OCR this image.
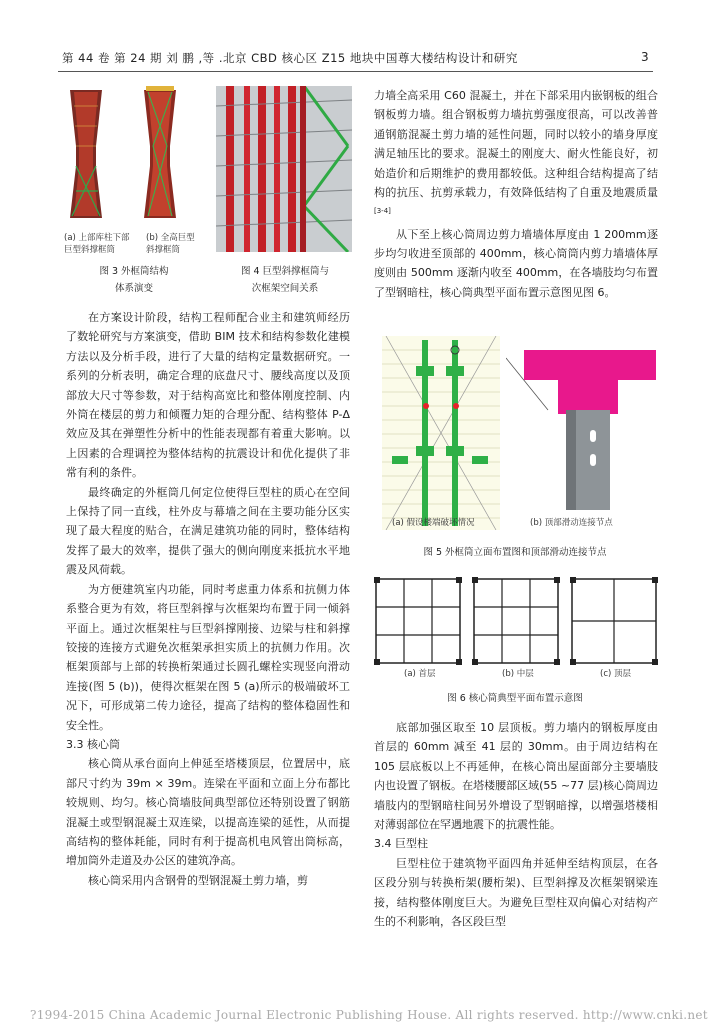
第 44 卷 第 24 期 刘 鹏 ,等 .北京 CBD 核心区 Z15 地块中国尊大楼结构设计和研究	3
(a) 上部库柱下部
巨型斜撑框筒
(b) 全高巨型
斜撑框筒
图 3 外框筒结构
体系演变
图 4 巨型斜撑框筒与
次框架空间关系

在方案设计阶段，结构工程师配合业主和建筑师经历了数轮研究与方案演变，借助 BIM 技术和结构参数化建模方法以及分析手段，进行了大量的结构定量数据研究。一系列的分析表明，确定合理的底盘尺寸、腰线高度以及顶部放大尺寸等参数，对于结构高宽比和整体刚度控制、内外筒在楼层的剪力和倾覆力矩的合理分配、结构整体 P-Δ 效应及其在弹塑性分析中的性能表现都有着重大影响。以上因素的合理调控为整体结构的抗震设计和优化提供了非常有利的条件。

最终确定的外框筒几何定位使得巨型柱的质心在空间上保持了同一直线，柱外皮与幕墙之间在主要功能分区实现了最大程度的贴合，在满足建筑功能的同时，整体结构发挥了最大的效率，提供了强大的侧向刚度来抵抗水平地震及风荷载。

为方便建筑室内功能，同时考虑重力体系和抗侧力体系整合更为有效，将巨型斜撑与次框架均布置于同一倾斜平面上。通过次框架柱与巨型斜撑刚接、边梁与柱和斜撑铰接的连接方式避免次框架承担实质上的抗侧力作用。次框架顶部与上部的转换桁架通过长圆孔螺栓实现竖向滑动连接(图 5 (b))，使得次框架在图 5 (a)所示的极端破坏工况下，可形成第二传力途径，提高了结构的整体稳固性和安全性。

3.3 核心筒

核心筒从承台面向上伸延至塔楼顶层，位置居中，底部尺寸约为 39m × 39m。连梁在平面和立面上分布都比较规则、均匀。核心筒墙肢间典型部位还特别设置了钢筋混凝土或型钢混凝土双连梁，以提高连梁的延性，从而提高结构的整体耗能，同时有利于提高机电风管出筒标高，增加筒外走道及办公区的建筑净高。

核心筒采用内含钢骨的型钢混凝土剪力墙，剪

力墙全高采用 C60 混凝土，并在下部采用内嵌钢板的组合钢板剪力墙。组合钢板剪力墙抗剪强度很高，可以改善普通钢筋混凝土剪力墙的延性问题，同时以较小的墙身厚度满足轴压比的要求。混凝土的刚度大、耐火性能良好，初始造价和后期维护的费用都较低。这种组合结构提高了结构的抗压、抗剪承载力，有效降低结构了自重及地震质量[3-4]

从下至上核心筒周边剪力墙墙体厚度由 1 200mm逐步均匀收进至顶部的 400mm，核心筒筒内剪力墙墙体厚度则由 500mm 逐渐内收至 400mm，在各墙肢均匀布置了型钢暗柱，核心筒典型平面布置示意图见图 6。

(a) 假设楼端破坏情况	(b) 顶部滑动连接节点
图 5 外框筒立面布置图和顶部滑动连接节点
(a) 首层	(b) 中层	(c) 顶层
图 6 核心筒典型平面布置示意图

底部加强区取至 10 层顶板。剪力墙内的钢板厚度由首层的 60mm 减至 41 层的 30mm。由于周边结构在 105 层底板以上不再延伸，在核心筒出屋面部分主要墙肢内也设置了钢板。在塔楼腰部区域(55 ~77 层)核心筒周边墙肢内的型钢暗柱间另外增设了型钢暗撑，以增强塔楼相对薄弱部位在罕遇地震下的抗震性能。

3.4 巨型柱

巨型柱位于建筑物平面四角并延伸至结构顶层，在各区段分别与转换桁架(腰桁架)、巨型斜撑及次框架钢梁连接，结构整体刚度巨大。为避免巨型柱双向偏心对结构产生的不利影响，各区段巨型

?1994-2015 China Academic Journal Electronic Publishing House. All rights reserved. http://www.cnki.net
